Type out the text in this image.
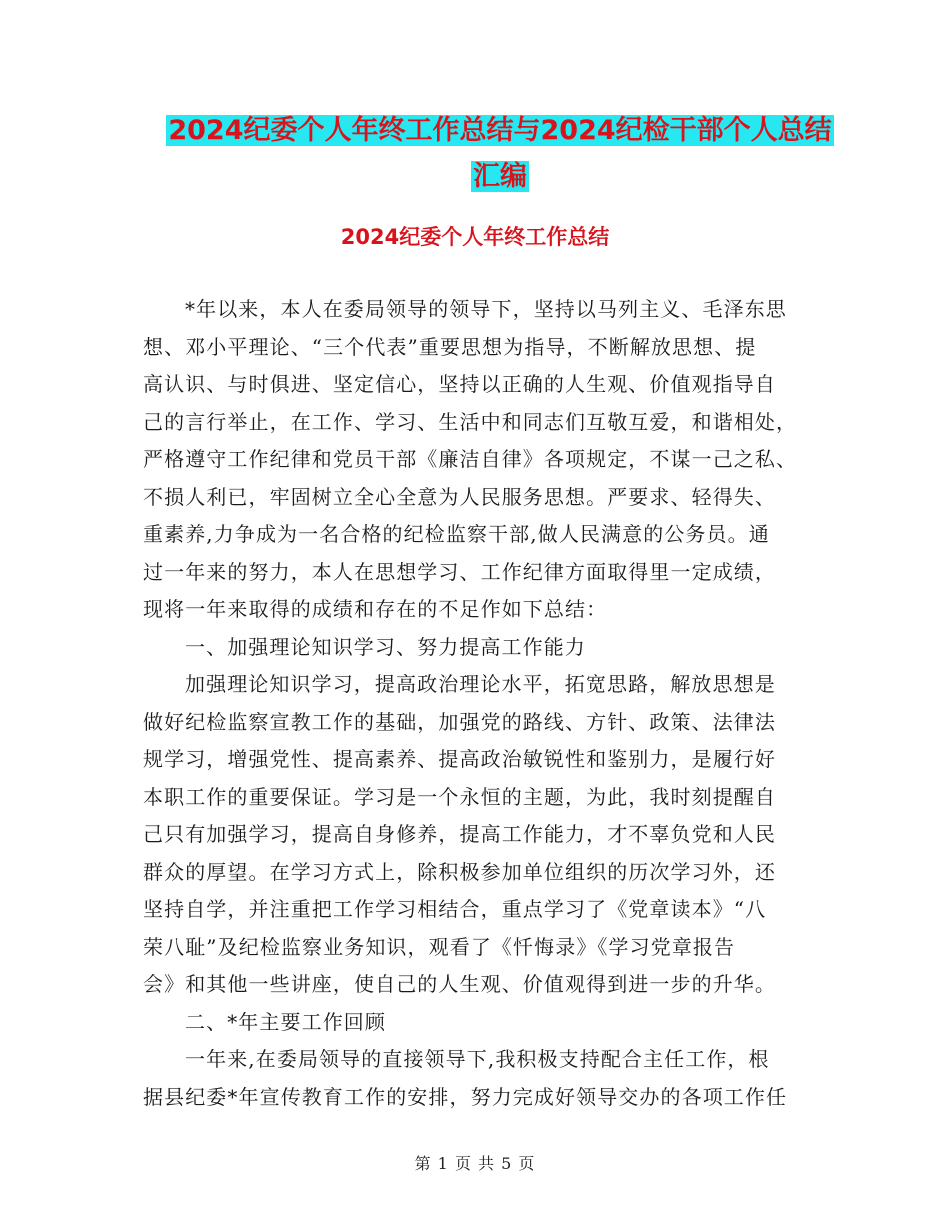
2024纪委个人年终工作总结与2024纪检干部个人总结
汇编
2024纪委个人年终工作总结
*年以来，本人在委局领导的领导下，坚持以马列主义、毛泽东思
想、邓小平理论、“三个代表”重要思想为指导，不断解放思想、提
高认识、与时俱进、坚定信心，坚持以正确的人生观、价值观指导自
己的言行举止，在工作、学习、生活中和同志们互敬互爱，和谐相处，
严格遵守工作纪律和党员干部《廉洁自律》各项规定，不谋一己之私、
不损人利已，牢固树立全心全意为人民服务思想。严要求、轻得失、
重素养,力争成为一名合格的纪检监察干部,做人民满意的公务员。通
过一年来的努力，本人在思想学习、工作纪律方面取得里一定成绩，
现将一年来取得的成绩和存在的不足作如下总结：
一、加强理论知识学习、努力提高工作能力
加强理论知识学习，提高政治理论水平，拓宽思路，解放思想是
做好纪检监察宣教工作的基础，加强党的路线、方针、政策、法律法
规学习，增强党性、提高素养、提高政治敏锐性和鉴别力，是履行好
本职工作的重要保证。学习是一个永恒的主题，为此，我时刻提醒自
己只有加强学习，提高自身修养，提高工作能力，才不辜负党和人民
群众的厚望。在学习方式上，除积极参加单位组织的历次学习外，还
坚持自学，并注重把工作学习相结合，重点学习了《党章读本》“八
荣八耻”及纪检监察业务知识，观看了《忏悔录》《学习党章报告
会》和其他一些讲座，使自己的人生观、价值观得到进一步的升华。
二、*年主要工作回顾
一年来,在委局领导的直接领导下,我积极支持配合主任工作，根
据县纪委*年宣传教育工作的安排，努力完成好领导交办的各项工作任
第 1 页 共 5 页
